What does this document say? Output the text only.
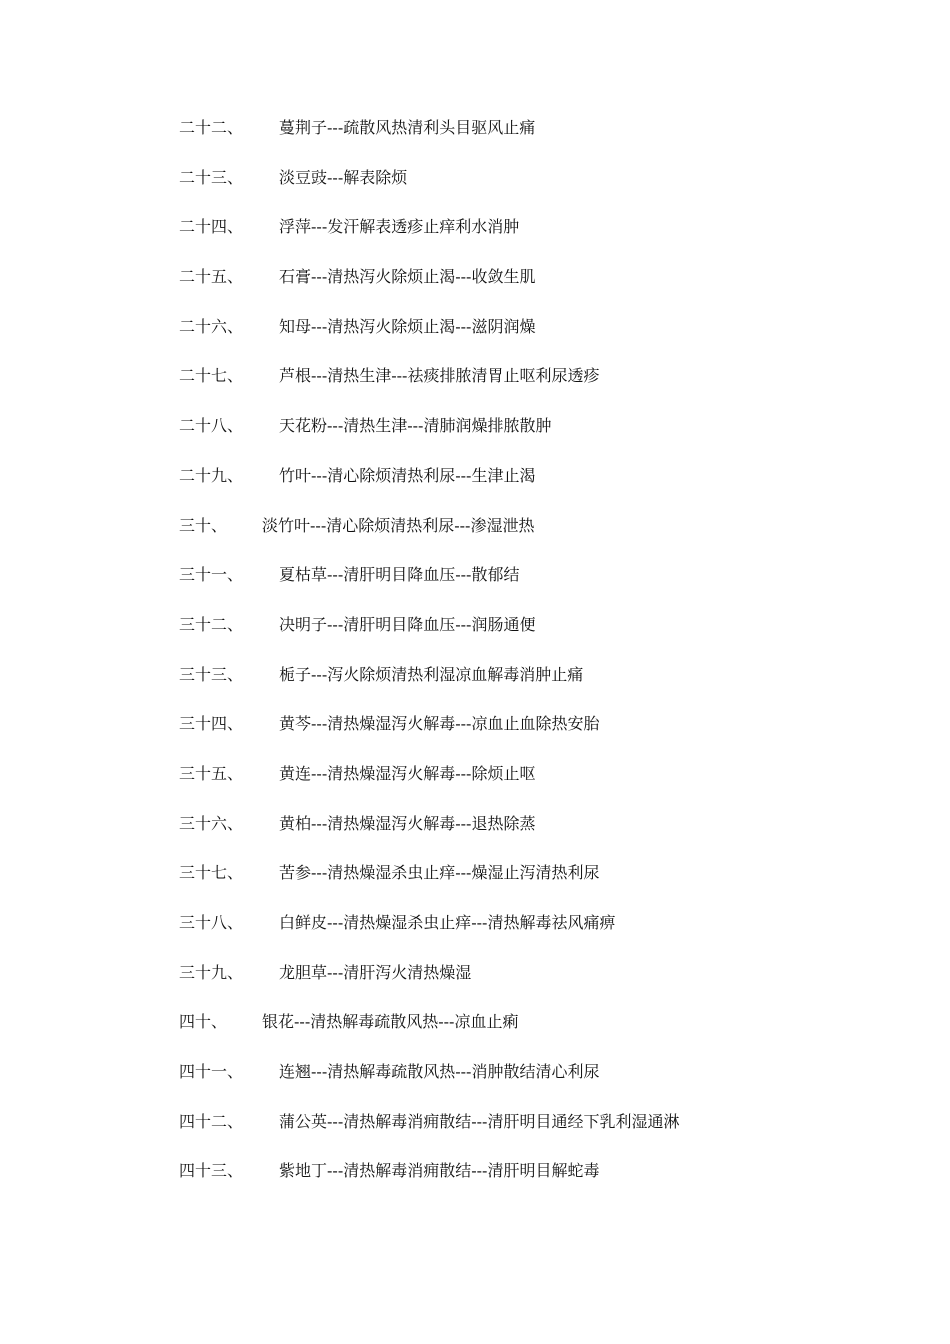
二十二、 蔓荆子---疏散风热清利头目驱风止痛
二十三、 淡豆豉---解表除烦
二十四、 浮萍---发汗解表透疹止痒利水消肿
二十五、 石膏---清热泻火除烦止渴---收敛生肌
二十六、 知母---清热泻火除烦止渴---滋阴润燥
二十七、 芦根---清热生津---祛痰排脓清胃止呕利尿透疹
二十八、 天花粉---清热生津---清肺润燥排脓散肿
二十九、 竹叶---清心除烦清热利尿---生津止渴
三十、 淡竹叶---清心除烦清热利尿---渗湿泄热
三十一、 夏枯草---清肝明目降血压---散郁结
三十二、 决明子---清肝明目降血压---润肠通便
三十三、 栀子---泻火除烦清热利湿凉血解毒消肿止痛
三十四、 黄芩---清热燥湿泻火解毒---凉血止血除热安胎
三十五、 黄连---清热燥湿泻火解毒---除烦止呕
三十六、 黄柏---清热燥湿泻火解毒---退热除蒸
三十七、 苦参---清热燥湿杀虫止痒---燥湿止泻清热利尿
三十八、 白鲜皮---清热燥湿杀虫止痒---清热解毒祛风痛痹
三十九、 龙胆草---清肝泻火清热燥湿
四十、 银花---清热解毒疏散风热---凉血止痢
四十一、 连翘---清热解毒疏散风热---消肿散结清心利尿
四十二、 蒲公英---清热解毒消痈散结---清肝明目通经下乳利湿通淋
四十三、 紫地丁---清热解毒消痈散结---清肝明目解蛇毒
